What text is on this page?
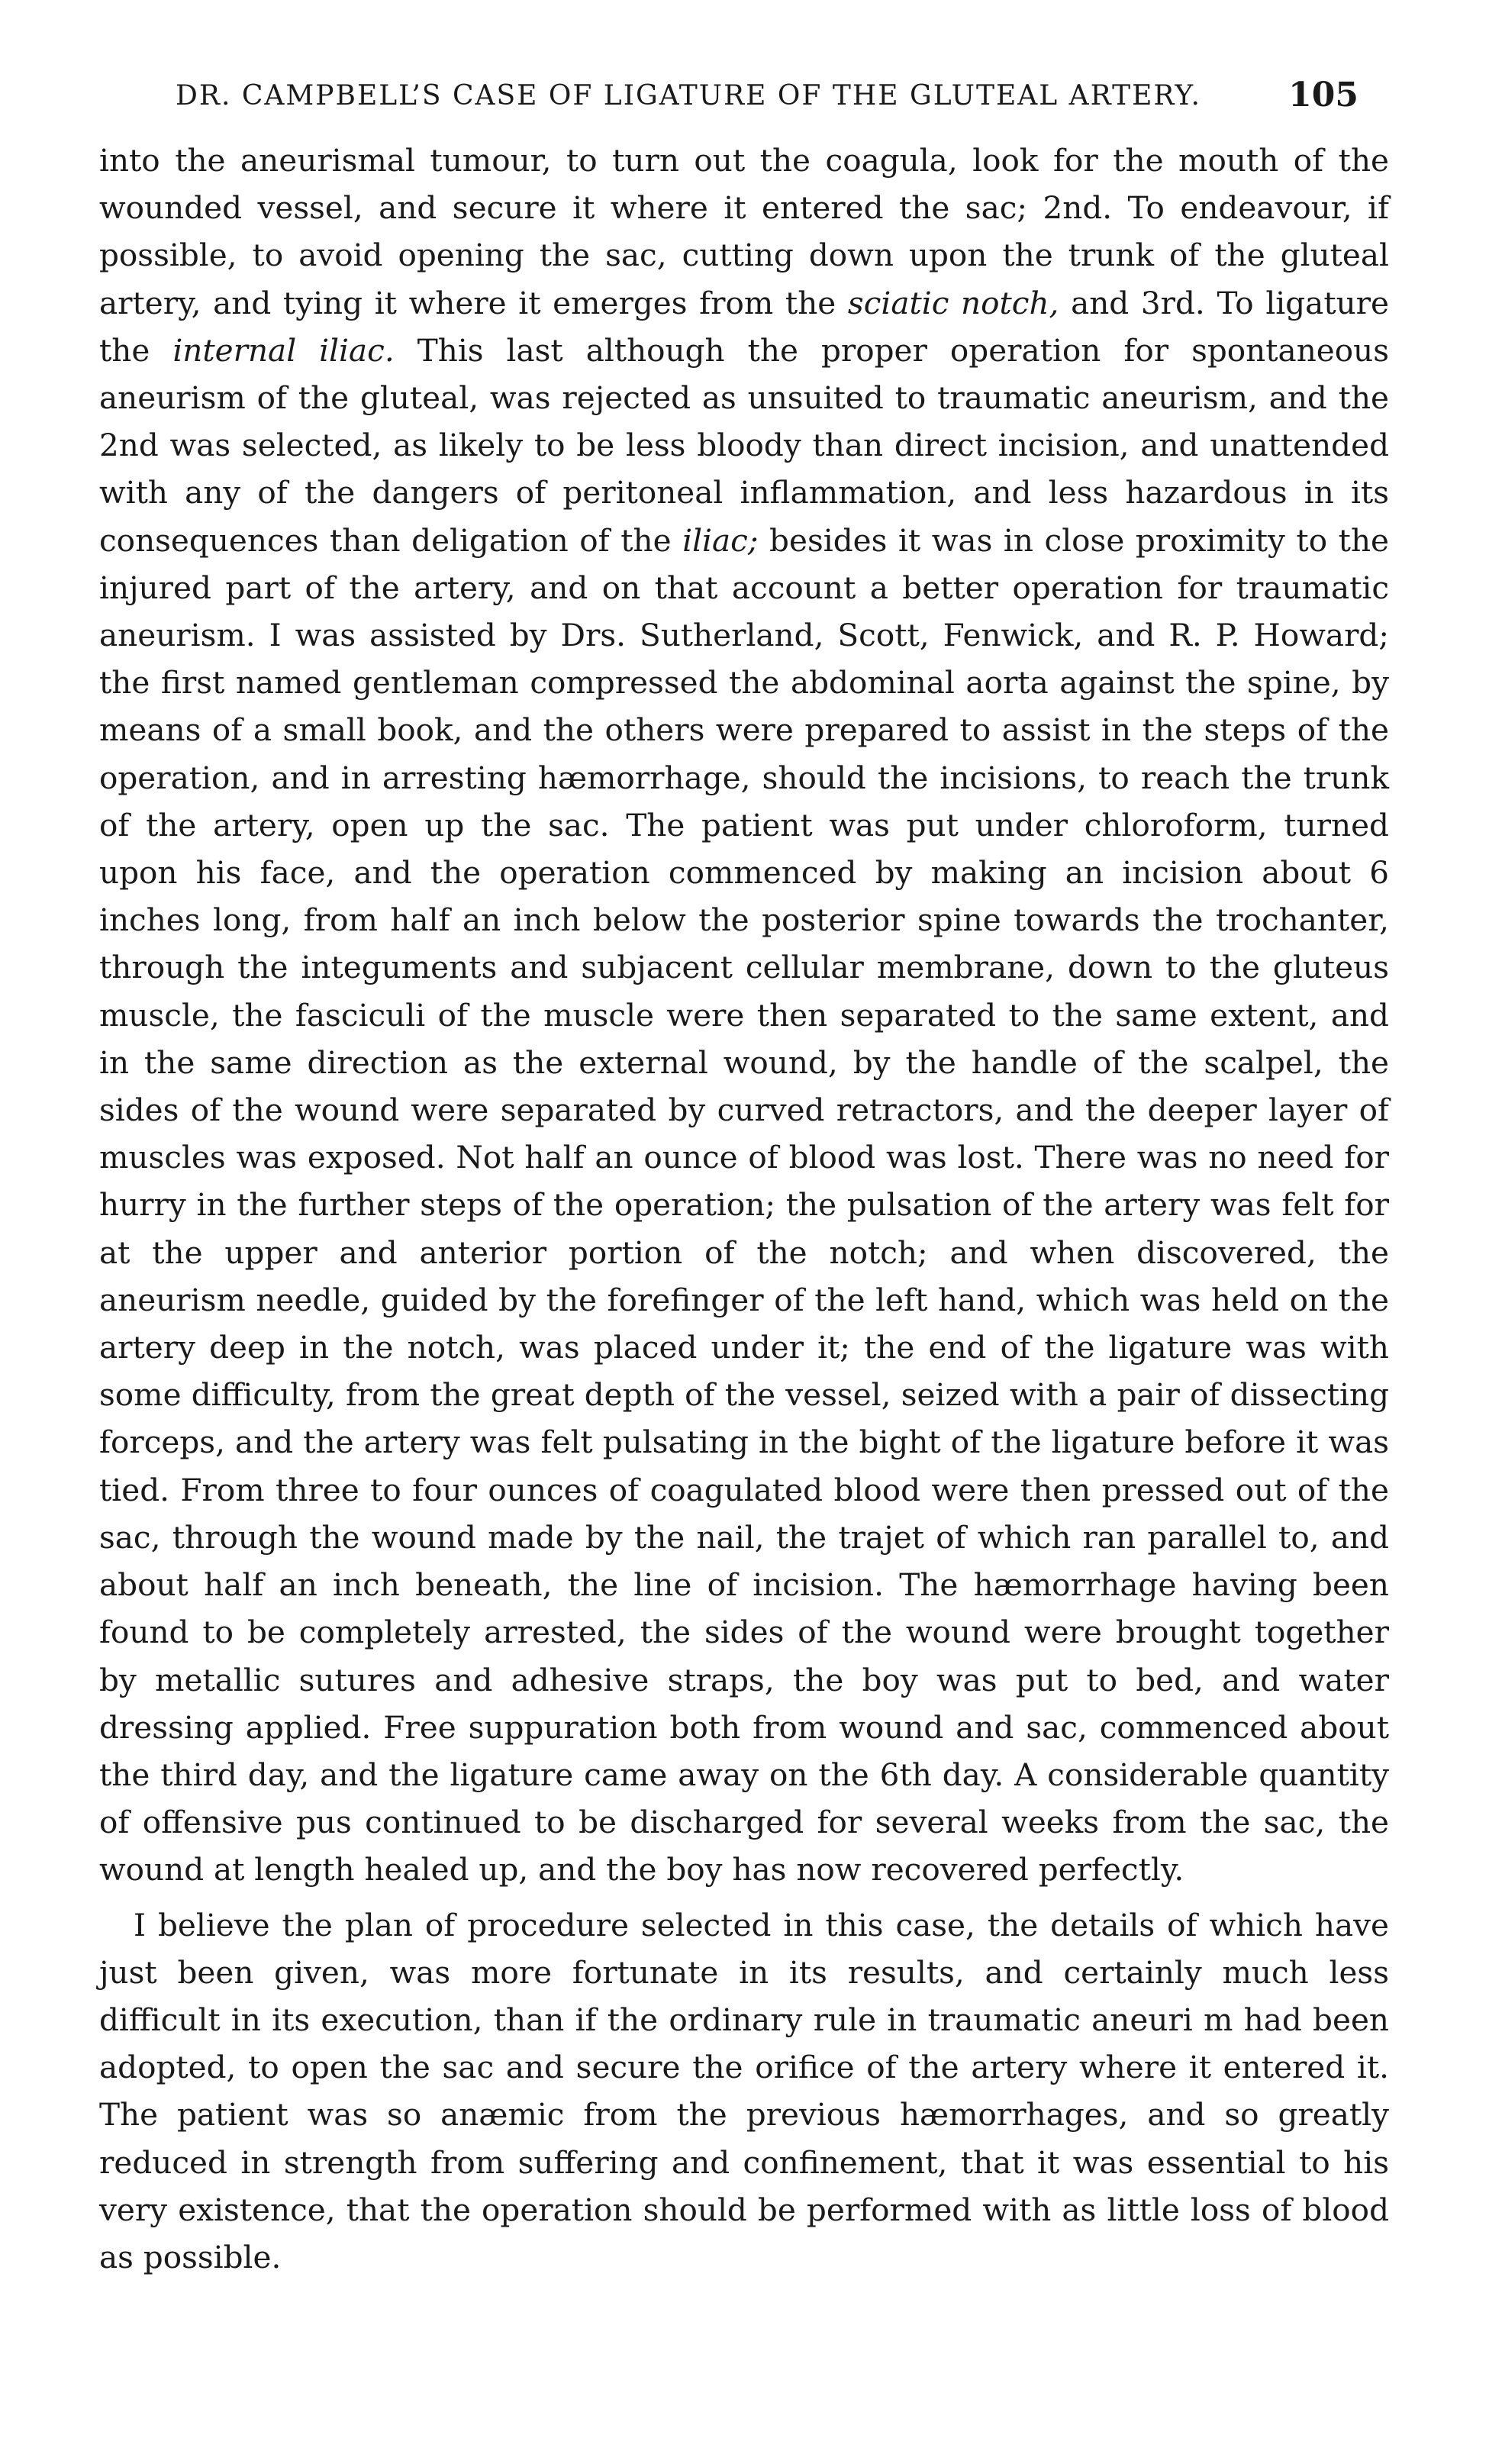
DR. CAMPBELL’S CASE OF LIGATURE OF THE GLUTEAL ARTERY.	105

into the aneurismal tumour, to turn out the coagula, look for the mouth of the wounded vessel, and secure it where it entered the sac; 2nd. To endeavour, if possible, to avoid opening the sac, cutting down upon the trunk of the gluteal artery, and tying it where it emerges from the sciatic notch, and 3rd. To ligature the internal iliac. This last although the proper operation for spontaneous aneurism of the gluteal, was rejected as unsuited to traumatic aneurism, and the 2nd was selected, as likely to be less bloody than direct incision, and unattended with any of the dangers of peritoneal inflammation, and less hazardous in its consequences than deligation of the iliac; besides it was in close proximity to the injured part of the artery, and on that account a better operation for traumatic aneurism. I was assisted by Drs. Sutherland, Scott, Fenwick, and R. P. Howard; the first named gentleman compressed the abdominal aorta against the spine, by means of a small book, and the others were prepared to assist in the steps of the operation, and in arresting hæmorrhage, should the incisions, to reach the trunk of the artery, open up the sac. The patient was put under chloroform, turned upon his face, and the operation commenced by making an incision about 6 inches long, from half an inch below the posterior spine towards the trochanter, through the integuments and subjacent cellular membrane, down to the gluteus muscle, the fasciculi of the muscle were then separated to the same extent, and in the same direction as the external wound, by the handle of the scalpel, the sides of the wound were separated by curved retractors, and the deeper layer of muscles was exposed. Not half an ounce of blood was lost. There was no need for hurry in the further steps of the operation; the pulsation of the artery was felt for at the upper and anterior portion of the notch; and when discovered, the aneurism needle, guided by the forefinger of the left hand, which was held on the artery deep in the notch, was placed under it; the end of the ligature was with some difficulty, from the great depth of the vessel, seized with a pair of dissecting forceps, and the artery was felt pulsating in the bight of the ligature before it was tied. From three to four ounces of coagulated blood were then pressed out of the sac, through the wound made by the nail, the trajet of which ran parallel to, and about half an inch beneath, the line of incision. The hæmorrhage having been found to be completely arrested, the sides of the wound were brought together by metallic sutures and adhesive straps, the boy was put to bed, and water dressing applied. Free suppuration both from wound and sac, commenced about the third day, and the ligature came away on the 6th day. A considerable quantity of offensive pus continued to be discharged for several weeks from the sac, the wound at length healed up, and the boy has now recovered perfectly.

I believe the plan of procedure selected in this case, the details of which have just been given, was more fortunate in its results, and certainly much less difficult in its execution, than if the ordinary rule in traumatic aneuri m had been adopted, to open the sac and secure the orifice of the artery where it entered it. The patient was so anæmic from the previous hæmorrhages, and so greatly reduced in strength from suffering and confinement, that it was essential to his very existence, that the operation should be performed with as little loss of blood as possible.
